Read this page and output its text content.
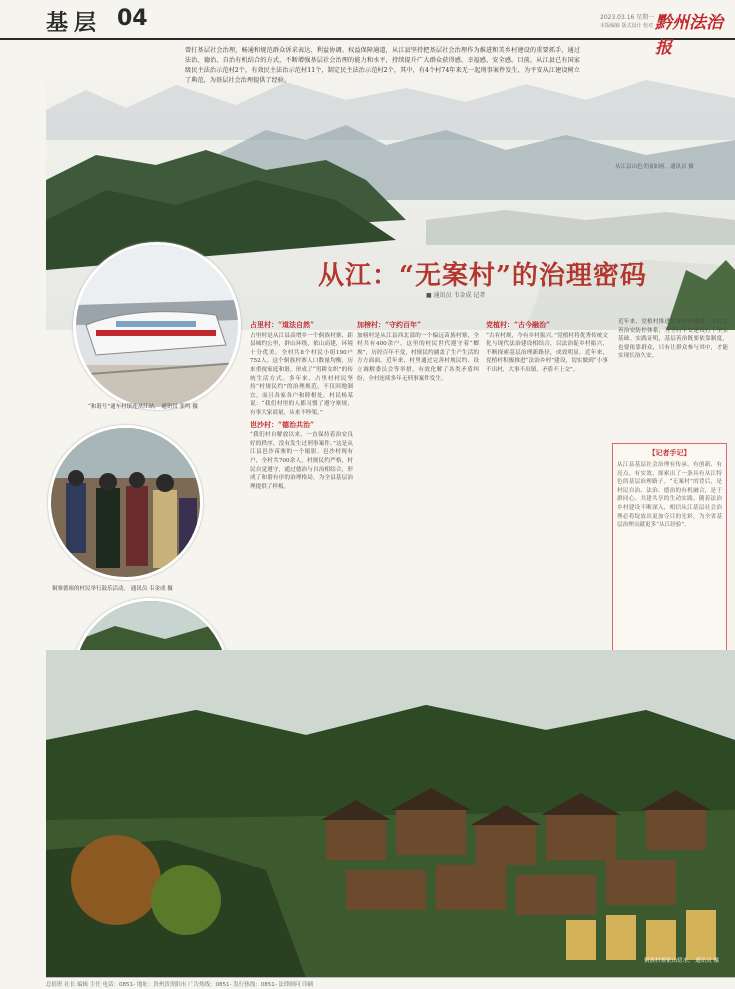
基层 04	2023.03.16 星期一
本版编辑 版式设计 校对 黔州法治报
从江县山色美丽如画。通讯员 摄
曾打基层社会治理，畅通和规范群众诉求表达、利益协调、权益保障通道，从江县坚持把基层社会治理作为推进和美乡村建设的重要抓手，通过法治、德治、自治有机结合的方式，不断增强基层社会治理的能力和水平，持续提升广大群众获得感、幸福感、安全感。目前，从江县已有国家级民主法治示范村2个，有效民主法治示范村11个，制定民主法治示范村2个，其中，有4个村74年来无一起刑事案件发生，为平安从江建设树立了典范，为基层社会治理提供了经验。
从江：“无案村”的治理密码
■ 通讯员 韦金成 记者
“和谐号”通车村镇连从江站。 通讯员 张鸣 摄
侗寨德裕的村民举行鼓乐活动。 通讯员 韦金成 摄
占里村：“道法自然”
占里村是从江县高增乡一个侗族村寨，距县城约公里，群山环绕，依山而建，环境十分优美。全村共8个村民小组190户752人。这个侗族村寨人口数量均衡，历来重视家庭和谐，形成了“男耕女织”的传统生活方式。多年来，占里村村民坚持“村规民约”的治理规范，不仅因地制宜，而且各家各户和睦相处。村民杨某说：“我们村里的人都习惯了遵守寨规，有事大家商量，从来不吵架。”
岜沙村：“德治共治”
“我们村自解放以来，一直保持着治安良好的秩序，没有发生过刑事案件。”这是从江县岜沙苗寨的一个缩影。岜沙村现有户，全村共700余人，村规民约严格，村民自觉遵守，通过德治与自治相结合，形成了和谐有序的治理格局，为全县基层治理提供了样板。
加榜村：“守约百年”
加榜村是从江县西北部的一个偏远苗族村寨，全村共有400余户，这里的村民世代遵守着“榔规”，历经百年不变，村规民约涵盖了生产生活的方方面面。近年来，村里通过完善村规民约、设立调解委员会等举措，有效化解了各类矛盾纠纷，全村连续多年无刑事案件发生。
党植村：“古今融治”
“古有村规，今有乡村振兴。”党植村将优秀传统文化与现代法治建设相结合，以法治促乡村振兴，不断探索基层治理新路径，成效明显。近年来，党植村积极推进“法治乡村”建设，切实做到“小事不出村，大事不出镇，矛盾不上交”。
近年来，党植村推进平安乡村建设，全面完善治安防控体系，为全村平安建设打下坚实基础。实践证明，基层善治既要依靠制度，也要依靠群众，只有让群众参与其中，才能实现长治久安。
【记者手记】
从江县基层社会治理有传承、有创新、有亮点、有实效，探索出了一条具有从江特色的基层治理路子。“无案村”的背后，是村民自治、法治、德治的有机融合，是干群同心、共建共享的生动实践。随着法治乡村建设不断深入，相信从江基层社会治理必将绽放出更加夺目的光彩，为全省基层治理贡献更多“从江经验”。
侗族村寨依山傍水。 通讯员 摄
总值班 社长 编辑 主任 电话：0851- 地址：贵州省贵阳市 广告热线：0851- 发行热线：0851- 法律顾问 印刷
